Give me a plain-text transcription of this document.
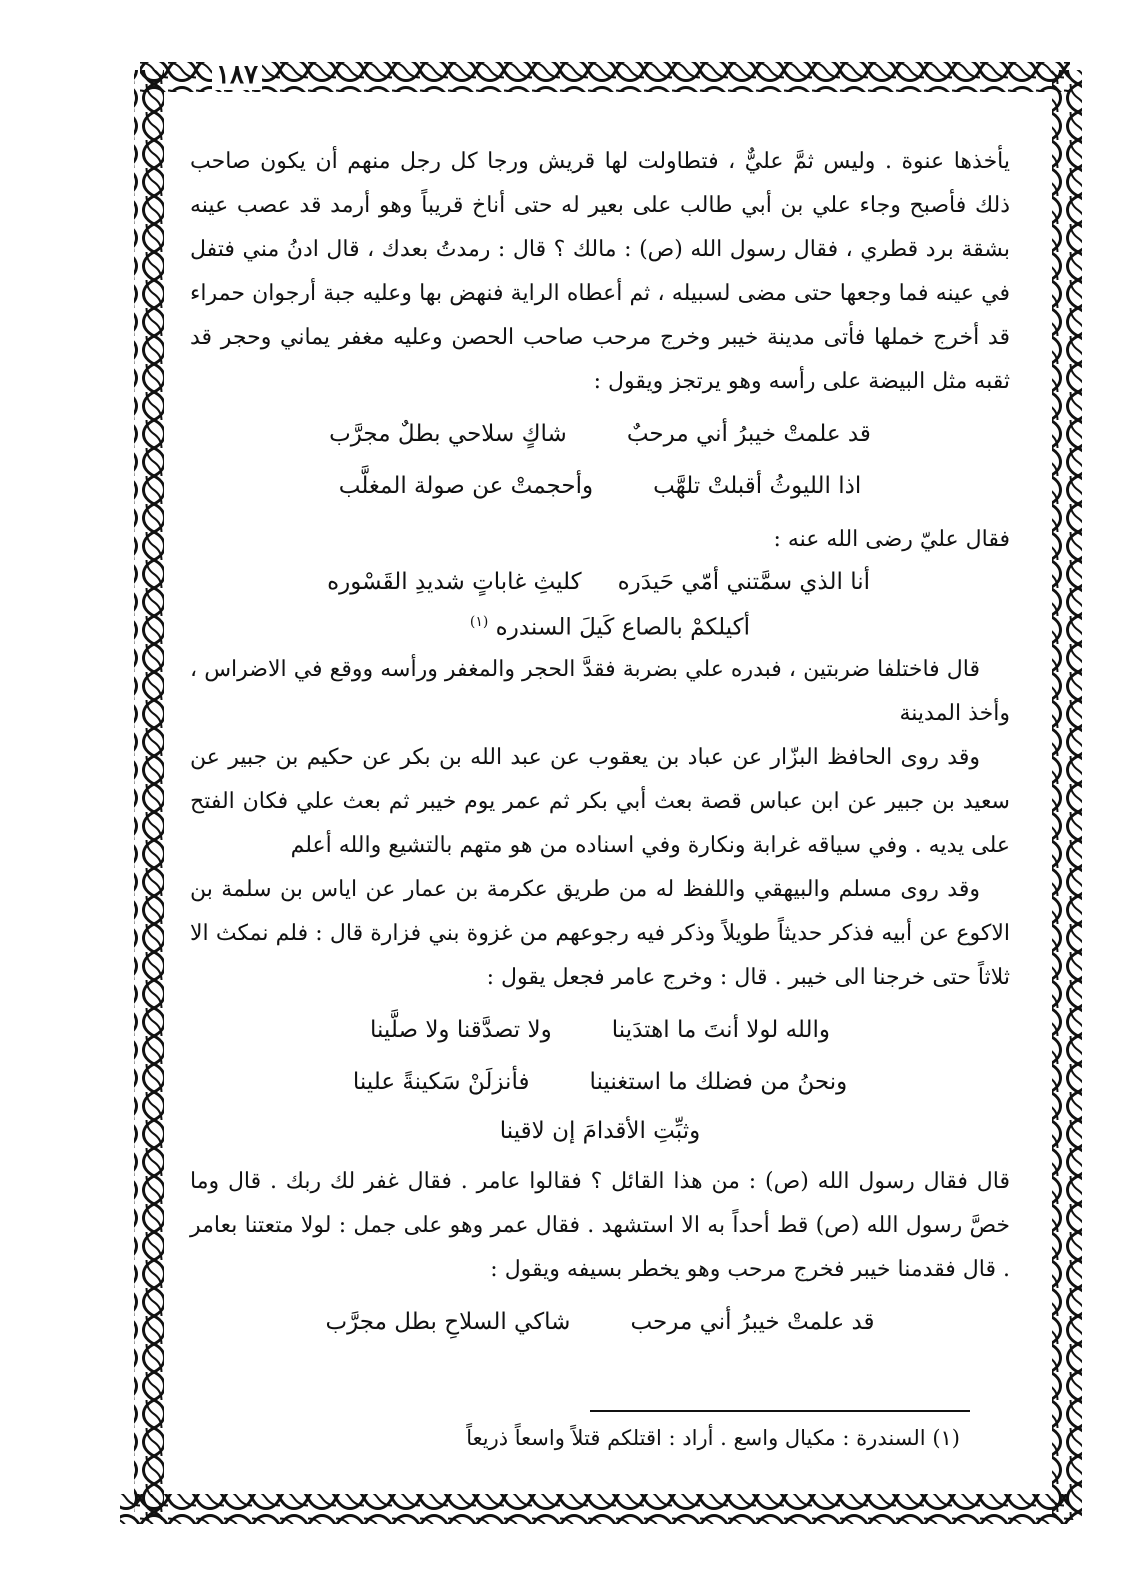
١٨٧

يأخذها عنوة . وليس ثمَّ عليٌّ ، فتطاولت لها قريش ورجا كل رجل منهم أن يكون صاحب ذلك فأصبح وجاء علي بن أبي طالب على بعير له حتى أناخ قريباً وهو أرمد قد عصب عينه بشقة برد قطري ، فقال رسول الله (ص) : مالك ؟ قال : رمدتُ بعدك ، قال ادنُ مني فتفل في عينه فما وجعها حتى مضى لسبيله ، ثم أعطاه الراية فنهض بها وعليه جبة أرجوان حمراء قد أخرج خملها فأتى مدينة خيبر وخرج مرحب صاحب الحصن وعليه مغفر يماني وحجر قد ثقبه مثل البيضة على رأسه وهو يرتجز ويقول :

قد علمتْ خيبرُ أني مرحبٌ
شاكٍ سلاحي بطلٌ مجرَّب
اذا الليوثُ أقبلتْ تلهَّب
وأحجمتْ عن صولة المغلَّب

فقال عليّ رضى الله عنه :

أنا الذي سمَّتني أمّي حَيدَره
كليثِ غاباتٍ شديدِ القَسْوره
أكيلكمْ بالصاع كَيلَ السندره $^{(١)}$

قال فاختلفا ضربتين ، فبدره علي بضربة فقدَّ الحجر والمغفر ورأسه ووقع في الاضراس ، وأخذ المدينة

وقد روى الحافظ البزّار عن عباد بن يعقوب عن عبد الله بن بكر عن حكيم بن جبير عن سعيد بن جبير عن ابن عباس قصة بعث أبي بكر ثم عمر يوم خيبر ثم بعث علي فكان الفتح على يديه . وفي سياقه غرابة ونكارة وفي اسناده من هو متهم بالتشيع والله أعلم

وقد روى مسلم والبيهقي واللفظ له من طريق عكرمة بن عمار عن اياس بن سلمة بن الاكوع عن أبيه فذكر حديثاً طويلاً وذكر فيه رجوعهم من غزوة بني فزارة قال : فلم نمكث الا ثلاثاً حتى خرجنا الى خيبر . قال : وخرج عامر فجعل يقول :

والله لولا أنتَ ما اهتدَينا
ولا تصدَّقنا ولا صلَّينا
ونحنُ من فضلك ما استغنينا
فأنزلَنْ سَكينةً علينا
وثبِّتِ الأقدامَ إن لاقينا

قال فقال رسول الله (ص) : من هذا القائل ؟ فقالوا عامر . فقال غفر لك ربك . قال وما خصَّ رسول الله (ص) قط أحداً به الا استشهد . فقال عمر وهو على جمل : لولا متعتنا بعامر . قال فقدمنا خيبر فخرج مرحب وهو يخطر بسيفه ويقول :

قد علمتْ خيبرُ أني مرحب
شاكي السلاحِ بطل مجرَّب
(١) السندرة : مكيال واسع . أراد : اقتلكم قتلاً واسعاً ذريعاً
